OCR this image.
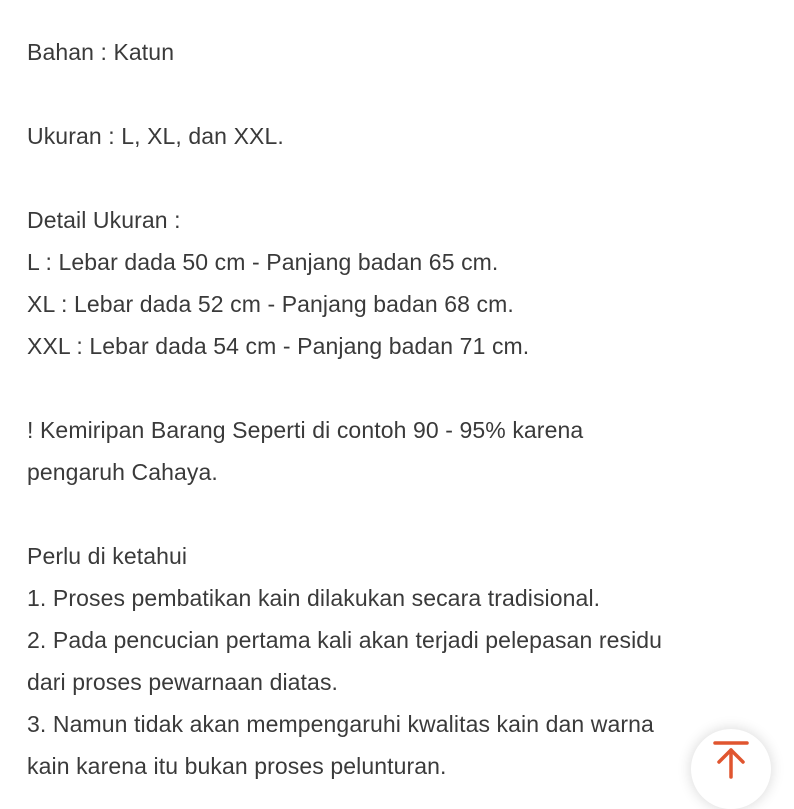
Bahan : Katun
Ukuran : L, XL, dan XXL.
Detail Ukuran :
L : Lebar dada 50 cm - Panjang badan 65 cm.
XL : Lebar dada 52 cm - Panjang badan 68 cm.
XXL : Lebar dada 54 cm - Panjang badan 71 cm.
! Kemiripan Barang Seperti di contoh 90 - 95% karena
pengaruh Cahaya.
Perlu di ketahui
1. Proses pembatikan kain dilakukan secara tradisional.
2. Pada pencucian pertama kali akan terjadi pelepasan residu
dari proses pewarnaan diatas.
3. Namun tidak akan mempengaruhi kwalitas kain dan warna
kain karena itu bukan proses pelunturan.
